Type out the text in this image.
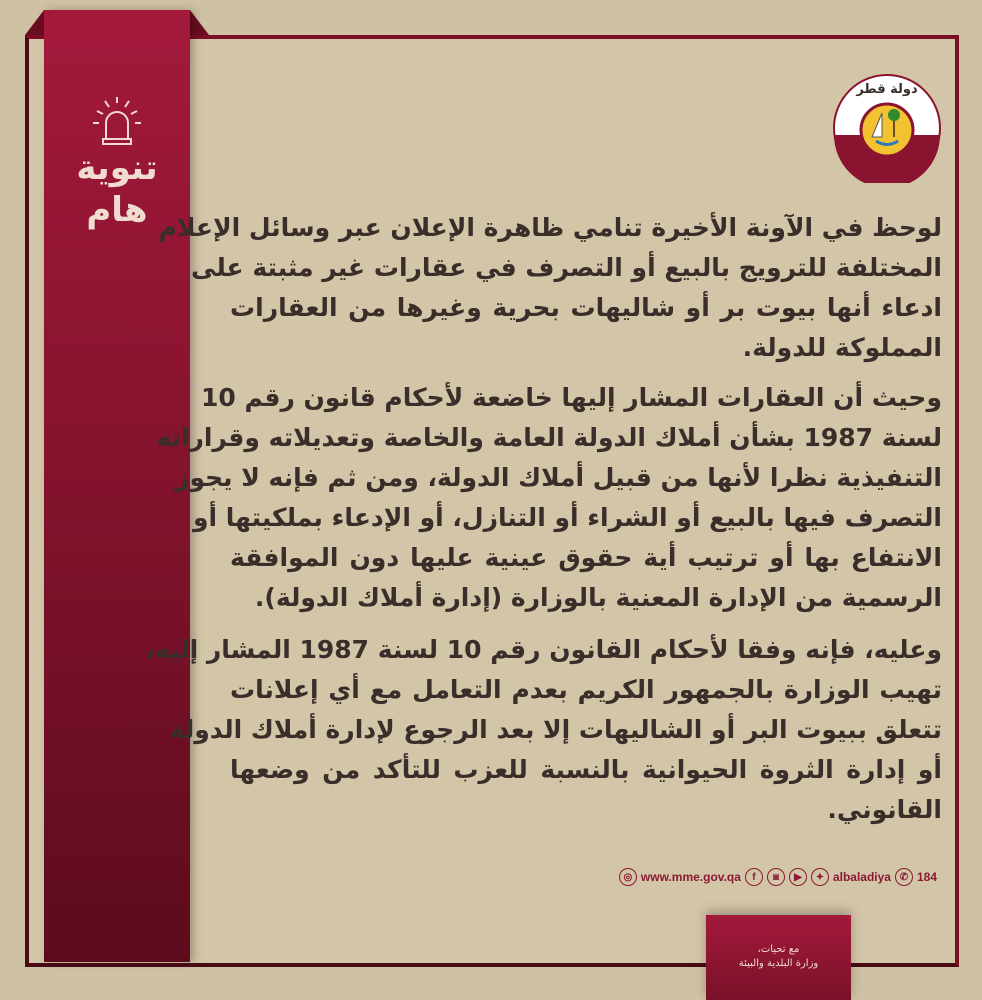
تنوية
هام
دولة قطر
◎ www.mme.gov.qa	f	◙	▶	✦ albaladiya ✆ 184
مع تحيات،
وزارة البلدية والبيئة
لوحظ في الآونة الأخيرة تنامي ظاهرة الإعلان عبر وسائل الإعلام
المختلفة للترويج بالبيع أو التصرف في عقارات غير مثبتة على
ادعاء أنها بيوت بر أو شاليهات بحرية وغيرها من العقارات
المملوكة للدولة.
وحيث أن العقارات المشار إليها خاضعة لأحكام قانون رقم 10
لسنة 1987 بشأن أملاك الدولة العامة والخاصة وتعديلاته وقراراته
التنفيذية نظرا لأنها من قبيل أملاك الدولة، ومن ثم فإنه لا يجوز
التصرف فيها بالبيع أو الشراء أو التنازل، أو الإدعاء بملكيتها أو
الانتفاع بها أو ترتيب أية حقوق عينية عليها دون الموافقة
الرسمية من الإدارة المعنية بالوزارة (إدارة أملاك الدولة).
وعليه، فإنه وفقا لأحكام القانون رقم 10 لسنة 1987 المشار إليه،
تهيب الوزارة بالجمهور الكريم بعدم التعامل مع أي إعلانات
تتعلق ببيوت البر أو الشاليهات إلا بعد الرجوع لإدارة أملاك الدولة
أو إدارة الثروة الحيوانية بالنسبة للعزب للتأكد من وضعها
القانوني.
